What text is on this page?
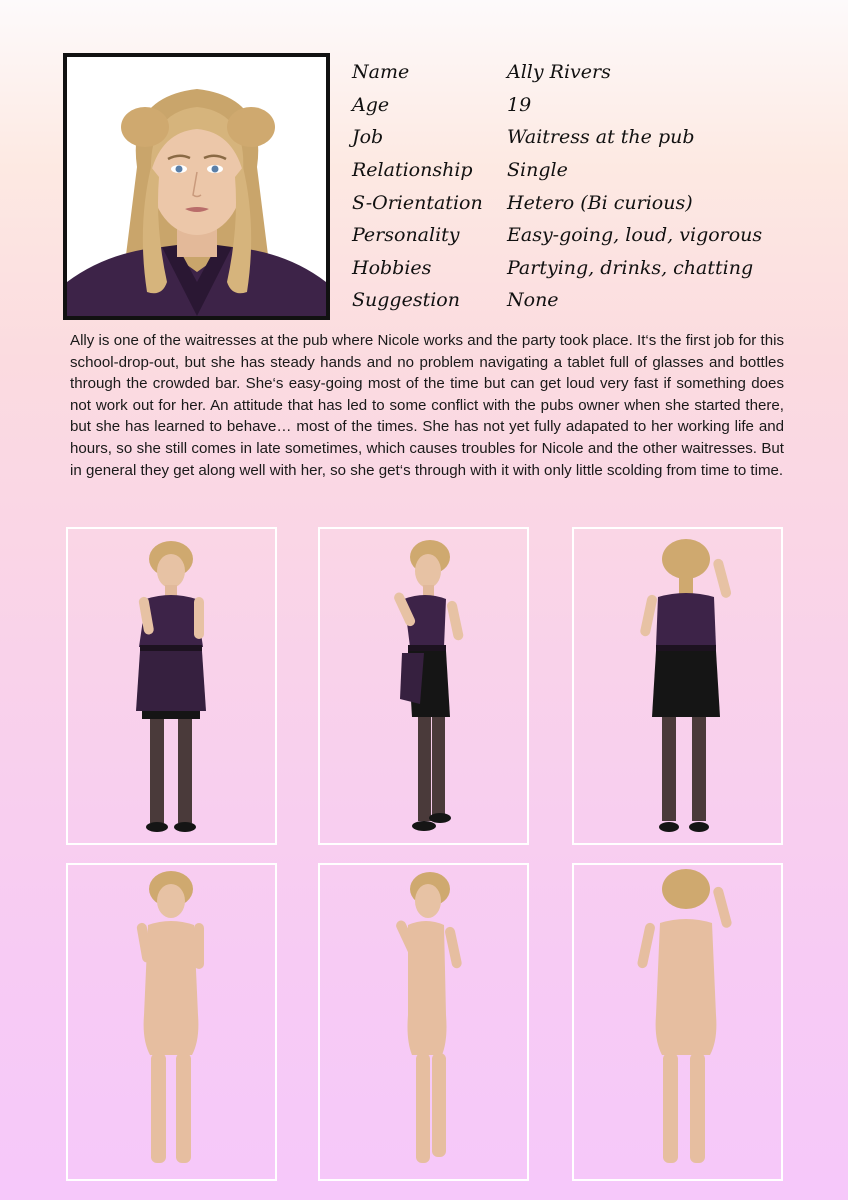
Name	Ally Rivers
Age	19
Job	Waitress at the pub
Relationship	Single
S-Orientation	Hetero (Bi curious)
Personality	Easy-going, loud, vigorous
Hobbies	Partying, drinks, chatting
Suggestion	None

Ally is one of the waitresses at the pub where Nicole works and the party took place. It‘s the first job for this school-drop-out, but she has steady hands and no problem navigating a tablet full of glasses and bottles through the crowded bar. She‘s easy-going most of the time but can get loud very fast if something does not work out for her. An attitude that has led to some conflict with the pubs owner when she started there, but she has learned to behave… most of the times. She has not yet fully adapated to her working life and hours, so she still comes in late sometimes, which causes troubles for Nicole and the other waitresses. But in general they get along well with her, so she get‘s through with it with only little scolding from time to time.
